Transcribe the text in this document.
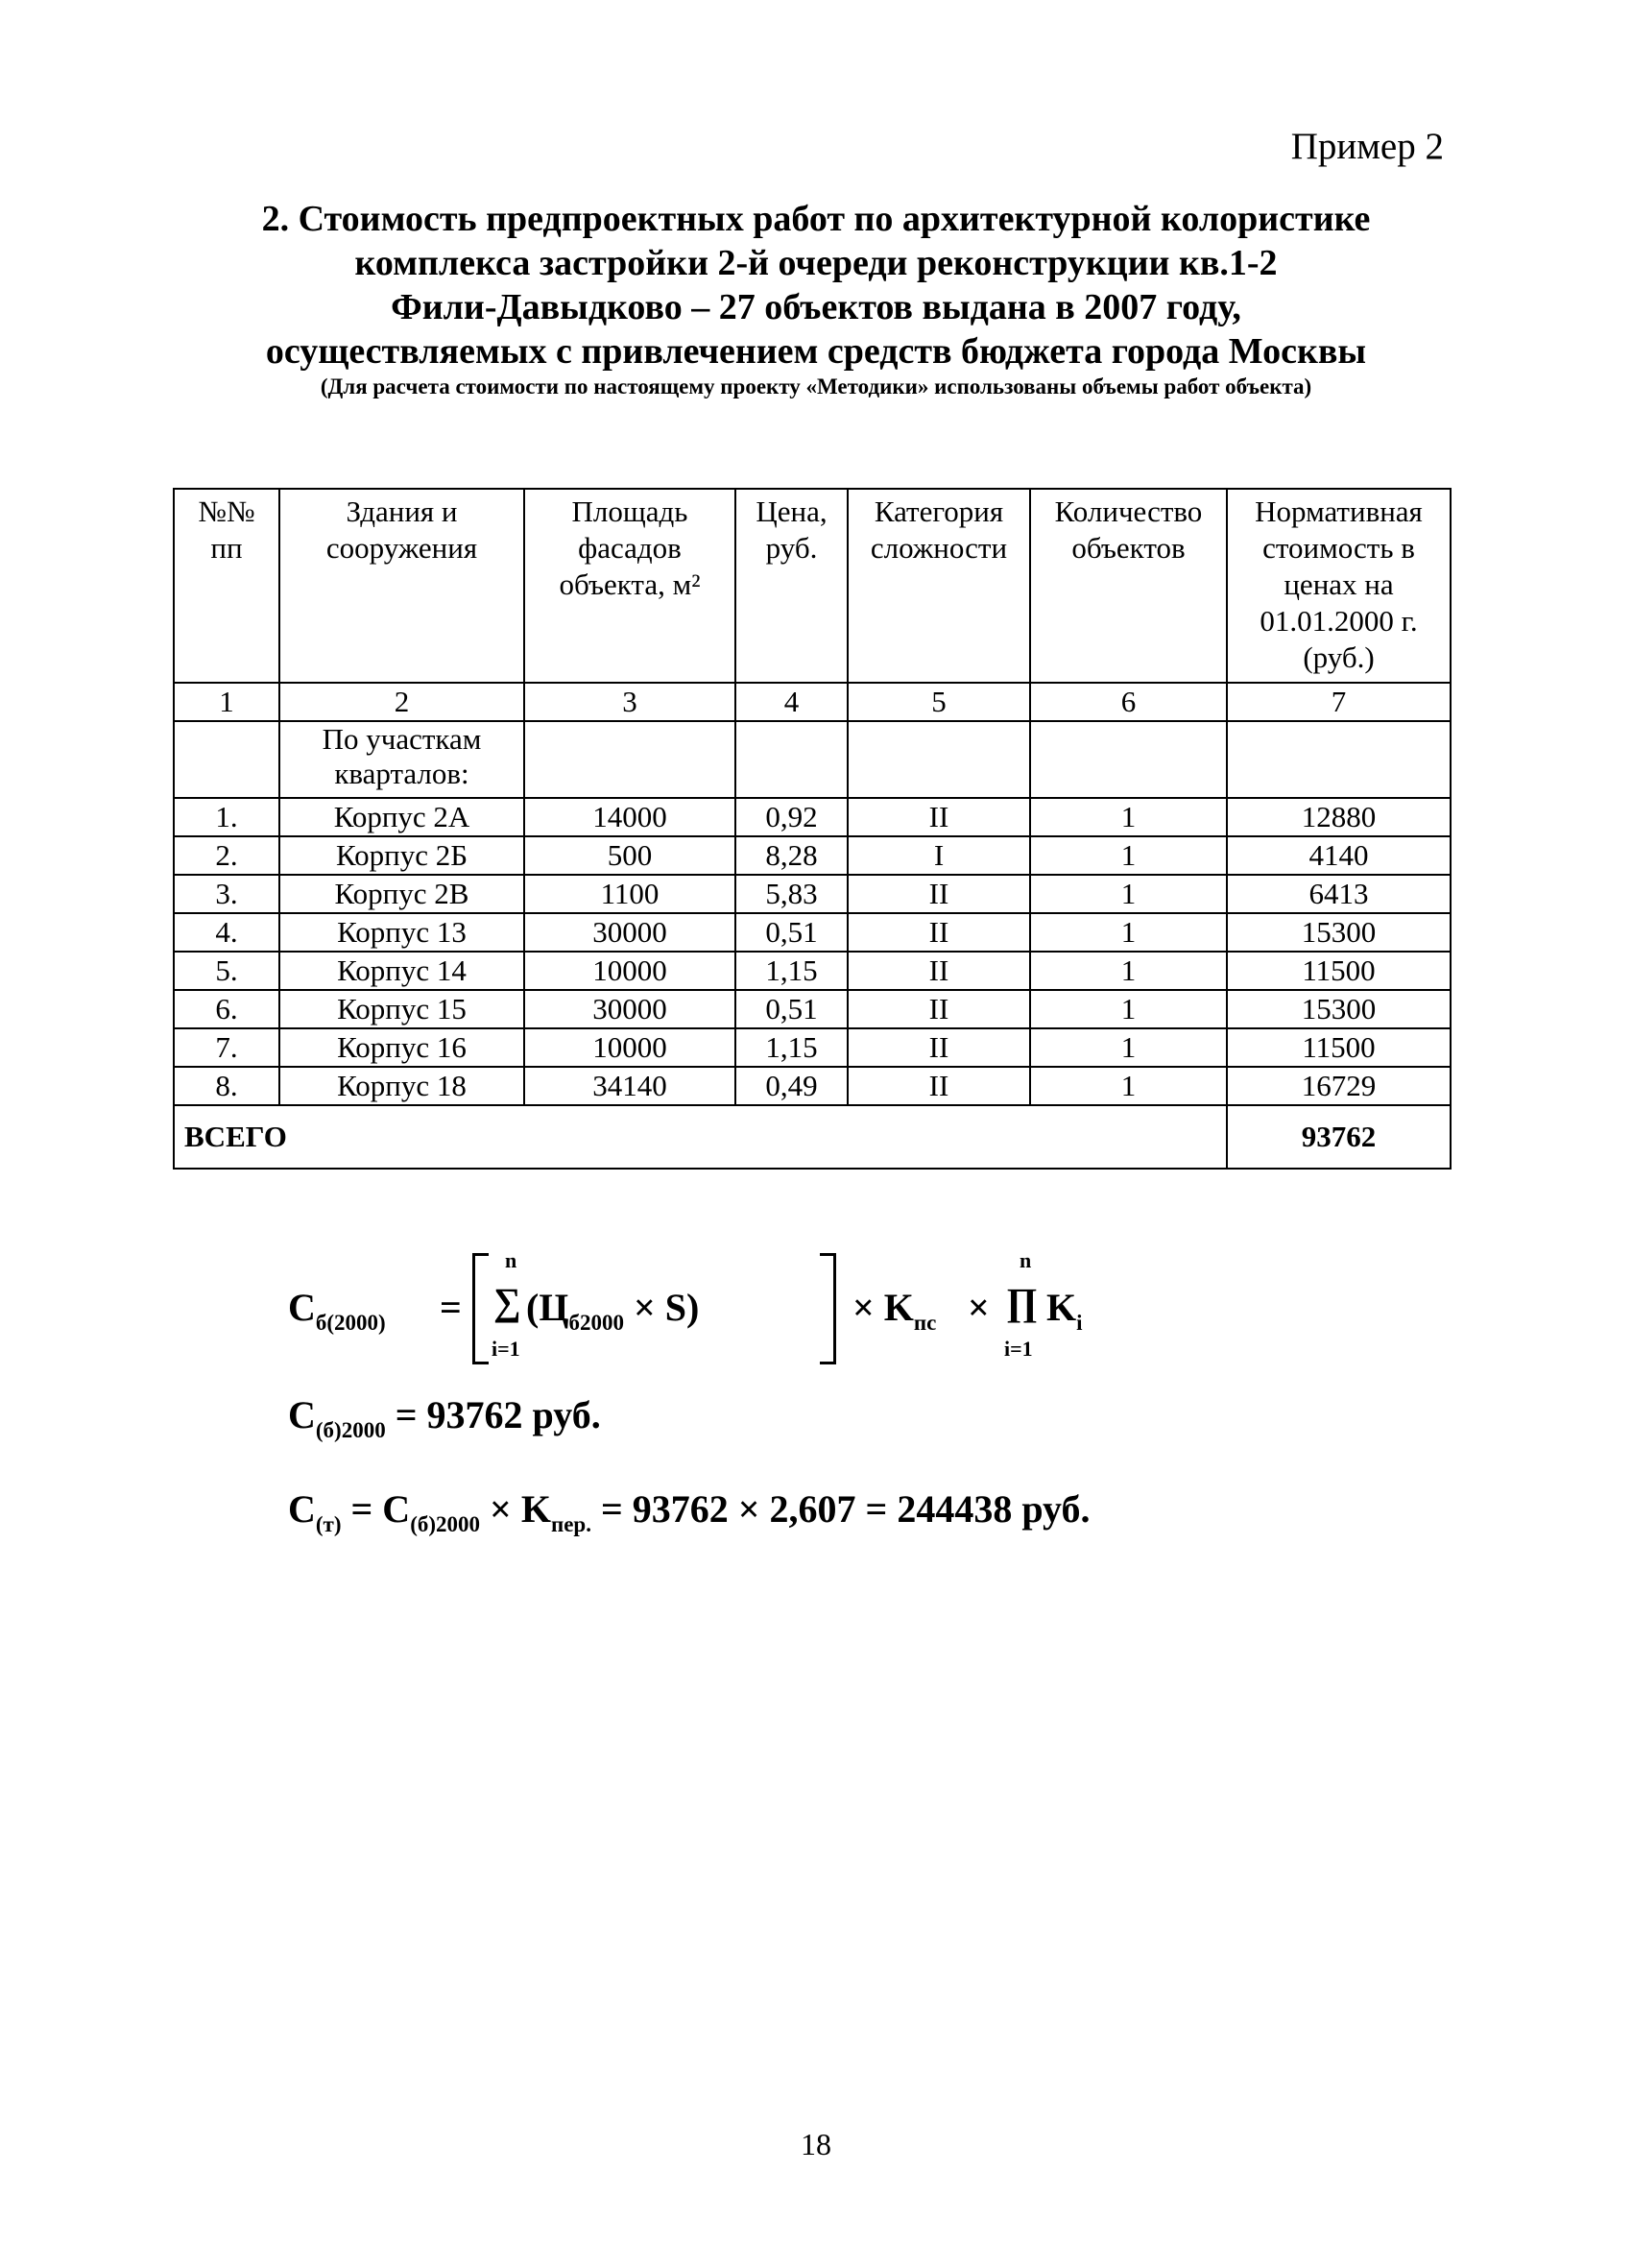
Пример 2
2. Стоимость предпроектных работ по архитектурной колористике
комплекса застройки 2-й очереди реконструкции кв.1-2
Фили-Давыдково – 27 объектов выдана в 2007 году,
осуществляемых с привлечением средств бюджета города Москвы
(Для расчета стоимости по настоящему проекту «Методики» использованы объемы работ объекта)
№№ пп	Здания и сооружения	Площадь фасадов объекта, м²	Цена, руб.	Категория сложности	Количество объектов	Нормативная стоимость в ценах на 01.01.2000 г. (руб.)
1	2	3	4	5	6	7
	По участкам кварталов:					
1.	Корпус 2А	14000	0,92	II	1	12880
2.	Корпус 2Б	500	8,28	I	1	4140
3.	Корпус 2В	1100	5,83	II	1	6413
4.	Корпус 13	30000	0,51	II	1	15300
5.	Корпус 14	10000	1,15	II	1	11500
6.	Корпус 15	30000	0,51	II	1	15300
7.	Корпус 16	10000	1,15	II	1	11500
8.	Корпус 18	34140	0,49	II	1	16729
ВСЕГО						93762
$C_{б(2000)}$ =
n
∑
i=1
$(Ц_{б2000} \times S)$	× $K_{пс}$ ×
n
∏
i=1
$K_i$
$C_{(б)2000} = 93762$ руб.
$C_{(т)} = C_{(б)2000} \times K_{пер.} = 93762 \times 2,607 = 244438$ руб.
18
